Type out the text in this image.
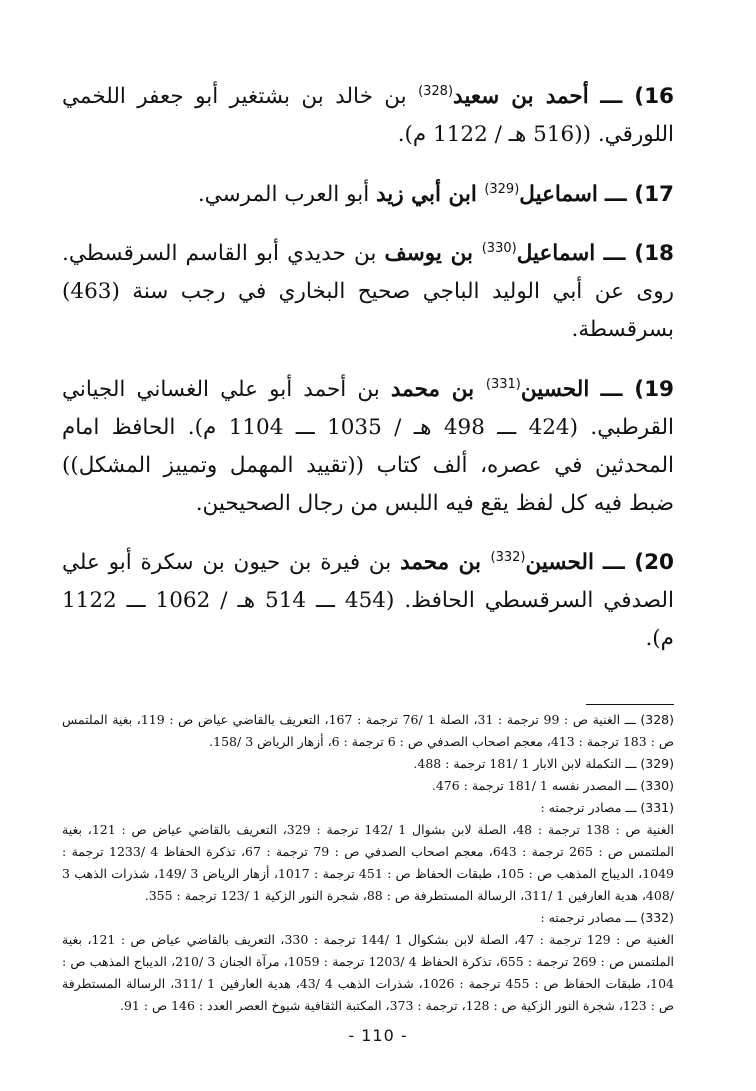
16) ـــ أحمد بن سعيد$^{(328)}$ بن خالد بن بشتغير أبو جعفر اللخمي اللورقي. ((516 هـ / 1122 م).

17) ـــ اسماعيل$^{(329)}$ ابن أبي زيد أبو العرب المرسي.

18) ـــ اسماعيل$^{(330)}$ بن يوسف بن حديدي أبو القاسم السرقسطي. روى عن أبي الوليد الباجي صحيح البخاري في رجب سنة (463) بسرقسطة.

19) ـــ الحسين$^{(331)}$ بن محمد بن أحمد أبو علي الغساني الجياني القرطبي. (424 ـــ 498 هـ / 1035 ـــ 1104 م). الحافظ امام المحدثين في عصره، ألف كتاب ((تقييد المهمل وتمييز المشكل)) ضبط فيه كل لفظ يقع فيه اللبس من رجال الصحيحين.

20) ـــ الحسين$^{(332)}$ بن محمد بن فيرة بن حيون بن سكرة أبو علي الصدفي السرقسطي الحافظ. (454 ـــ 514 هـ / 1062 ـــ 1122 م).

(328) ـــ الغنية ص : 99 ترجمة : 31، الصلة 1 /76 ترجمة : 167، التعريف بالقاضي عياض ص : 119، بغية الملتمس ص : 183 ترجمة : 413، معجم اصحاب الصدفي ص : 6 ترجمة : 6، أزهار الرياض 3 /158.

(329) ـــ التكملة لابن الابار 1 /181 ترجمة : 488.

(330) ـــ المصدر نفسه 1 /181 ترجمة : 476.

(331) ـــ مصادر ترجمته :
الغنية ص : 138 ترجمة : 48، الصلة لابن بشوال 1 /142 ترجمة : 329، التعريف بالقاضي عياض ص : 121، بغية الملتمس ص : 265 ترجمة : 643، معجم اصحاب الصدفي ص : 79 ترجمة : 67، تذكرة الحفاظ 4 /1233 ترجمة : 1049، الديباج المذهب ص : 105، طبقات الحفاظ ص : 451 ترجمة : 1017، أزهار الرياض 3 /149، شذرات الذهب 3 /408، هدية العارفين 1 /311، الرسالة المستطرفة ص : 88، شجرة النور الزكية 1 /123 ترجمة : 355.

(332) ـــ مصادر ترجمته :
الغنية ص : 129 ترجمة : 47، الصلة لابن بشكوال 1 /144 ترجمة : 330، التعريف بالقاضي عياض ص : 121، بغية الملتمس ص : 269 ترجمة : 655، تذكرة الحفاظ 4 /1203 ترجمة : 1059، مرآة الجنان 3 /210، الديباج المذهب ص : 104، طبقات الحفاظ ص : 455 ترجمة : 1026، شذرات الذهب 4 /43، هدية العارفين 1 /311، الرسالة المستطرفة ص : 123، شجرة النور الزكية ص : 128، ترجمة : 373، المكتبة الثقافية شيوخ العصر العدد : 146 ص : 91.

- 110 -
